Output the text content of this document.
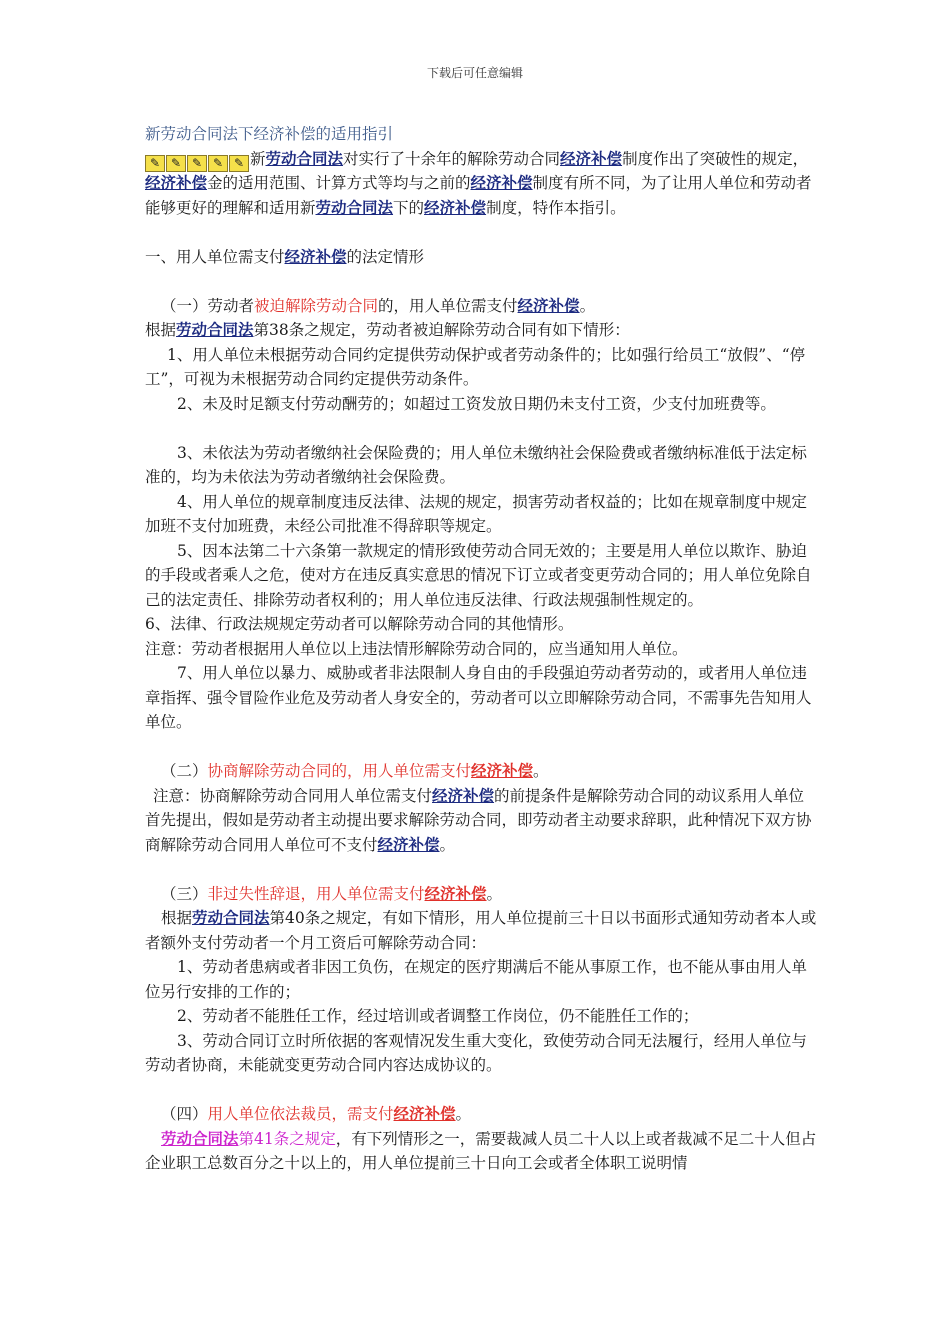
下载后可任意编辑

新劳动合同法下经济补偿的适用指引

✎ ✎ ✎ ✎ ✎ 新劳动合同法对实行了十余年的解除劳动合同经济补偿制度作出了突破性的规定，经济补偿金的适用范围、计算方式等均与之前的经济补偿制度有所不同，为了让用人单位和劳动者能够更好的理解和适用新劳动合同法下的经济补偿制度，特作本指引。

一、用人单位需支付经济补偿的法定情形

（一）劳动者被迫解除劳动合同的，用人单位需支付经济补偿。

根据劳动合同法第38条之规定，劳动者被迫解除劳动合同有如下情形：

1、用人单位未根据劳动合同约定提供劳动保护或者劳动条件的；比如强行给员工“放假”、“停工”，可视为未根据劳动合同约定提供劳动条件。

2、未及时足额支付劳动酬劳的；如超过工资发放日期仍未支付工资，少支付加班费等。

3、未依法为劳动者缴纳社会保险费的；用人单位未缴纳社会保险费或者缴纳标准低于法定标准的，均为未依法为劳动者缴纳社会保险费。

4、用人单位的规章制度违反法律、法规的规定，损害劳动者权益的；比如在规章制度中规定加班不支付加班费，未经公司批准不得辞职等规定。

5、因本法第二十六条第一款规定的情形致使劳动合同无效的；主要是用人单位以欺诈、胁迫的手段或者乘人之危，使对方在违反真实意思的情况下订立或者变更劳动合同的；用人单位免除自己的法定责任、排除劳动者权利的；用人单位违反法律、行政法规强制性规定的。

6、法律、行政法规规定劳动者可以解除劳动合同的其他情形。

注意：劳动者根据用人单位以上违法情形解除劳动合同的，应当通知用人单位。

7、用人单位以暴力、威胁或者非法限制人身自由的手段强迫劳动者劳动的，或者用人单位违章指挥、强令冒险作业危及劳动者人身安全的，劳动者可以立即解除劳动合同，不需事先告知用人单位。

（二）协商解除劳动合同的，用人单位需支付经济补偿。

注意：协商解除劳动合同用人单位需支付经济补偿的前提条件是解除劳动合同的动议系用人单位首先提出，假如是劳动者主动提出要求解除劳动合同，即劳动者主动要求辞职，此种情况下双方协商解除劳动合同用人单位可不支付经济补偿。

（三）非过失性辞退，用人单位需支付经济补偿。

根据劳动合同法第40条之规定，有如下情形，用人单位提前三十日以书面形式通知劳动者本人或者额外支付劳动者一个月工资后可解除劳动合同：

1、劳动者患病或者非因工负伤，在规定的医疗期满后不能从事原工作，也不能从事由用人单位另行安排的工作的；

2、劳动者不能胜任工作，经过培训或者调整工作岗位，仍不能胜任工作的；

3、劳动合同订立时所依据的客观情况发生重大变化，致使劳动合同无法履行，经用人单位与劳动者协商，未能就变更劳动合同内容达成协议的。

（四）用人单位依法裁员，需支付经济补偿。

劳动合同法第41条之规定，有下列情形之一，需要裁减人员二十人以上或者裁减不足二十人但占企业职工总数百分之十以上的，用人单位提前三十日向工会或者全体职工说明情
